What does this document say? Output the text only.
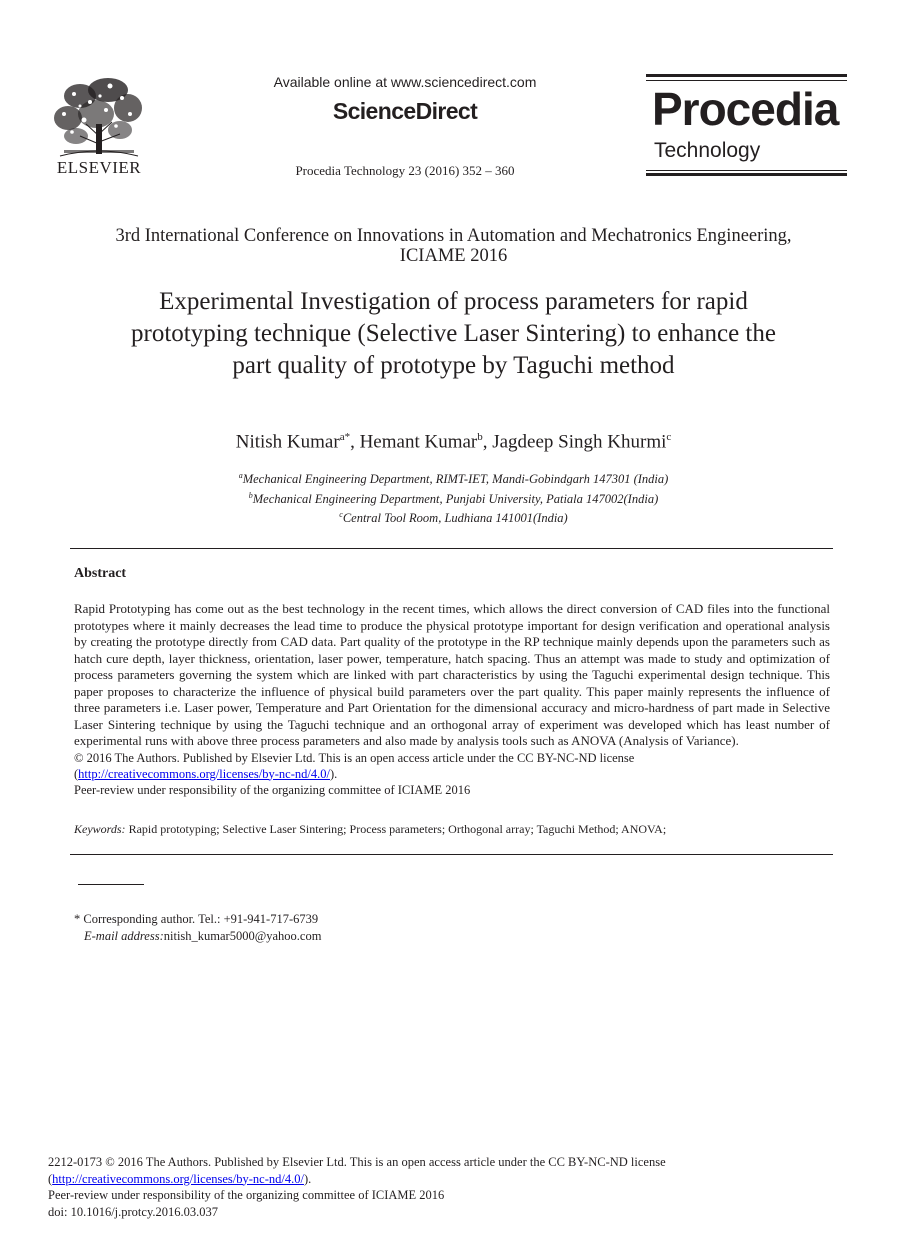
ELSEVIER
Available online at www.sciencedirect.com
ScienceDirect
Procedia Technology 23 (2016) 352 – 360
Procedia
Technology
3rd International Conference on Innovations in Automation and Mechatronics Engineering,
ICIAME 2016
Experimental Investigation of process parameters for rapid
prototyping technique (Selective Laser Sintering) to enhance the
part quality of prototype by Taguchi method
Nitish Kumar$^{a*}$, Hemant Kumar$^b$, Jagdeep Singh Khurmi$^c$
$^a$Mechanical Engineering Department, RIMT-IET, Mandi-Gobindgarh 147301 (India)
$^b$Mechanical Engineering Department, Punjabi University, Patiala 147002(India)
$^c$Central Tool Room, Ludhiana 141001(India)
Abstract
Rapid Prototyping has come out as the best technology in the recent times, which allows the direct conversion of CAD files into the functional prototypes where it mainly decreases the lead time to produce the physical prototype important for design verification and operational analysis by creating the prototype directly from CAD data. Part quality of the prototype in the RP technique mainly depends upon the parameters such as hatch cure depth, layer thickness, orientation, laser power, temperature, hatch spacing. Thus an attempt was made to study and optimization of process parameters governing the system which are linked with part characteristics by using the Taguchi experimental design technique. This paper proposes to characterize the influence of physical build parameters over the part quality. This paper mainly represents the influence of three parameters i.e. Laser power, Temperature and Part Orientation for the dimensional accuracy and micro-hardness of part made in Selective Laser Sintering technique by using the Taguchi technique and an orthogonal array of experiment was developed which has least number of experimental runs with above three process parameters and also made by analysis tools such as ANOVA (Analysis of Variance).
© 2016 The Authors. Published by Elsevier Ltd. This is an open access article under the CC BY-NC-ND license
(http://creativecommons.org/licenses/by-nc-nd/4.0/).
Peer-review under responsibility of the organizing committee of ICIAME 2016
Keywords: Rapid prototyping; Selective Laser Sintering; Process parameters; Orthogonal array; Taguchi Method; ANOVA;
* Corresponding author. Tel.: +91-941-717-6739
E-mail address:nitish_kumar5000@yahoo.com
2212-0173 © 2016 The Authors. Published by Elsevier Ltd. This is an open access article under the CC BY-NC-ND license
(http://creativecommons.org/licenses/by-nc-nd/4.0/).
Peer-review under responsibility of the organizing committee of ICIAME 2016
doi: 10.1016/j.protcy.2016.03.037
